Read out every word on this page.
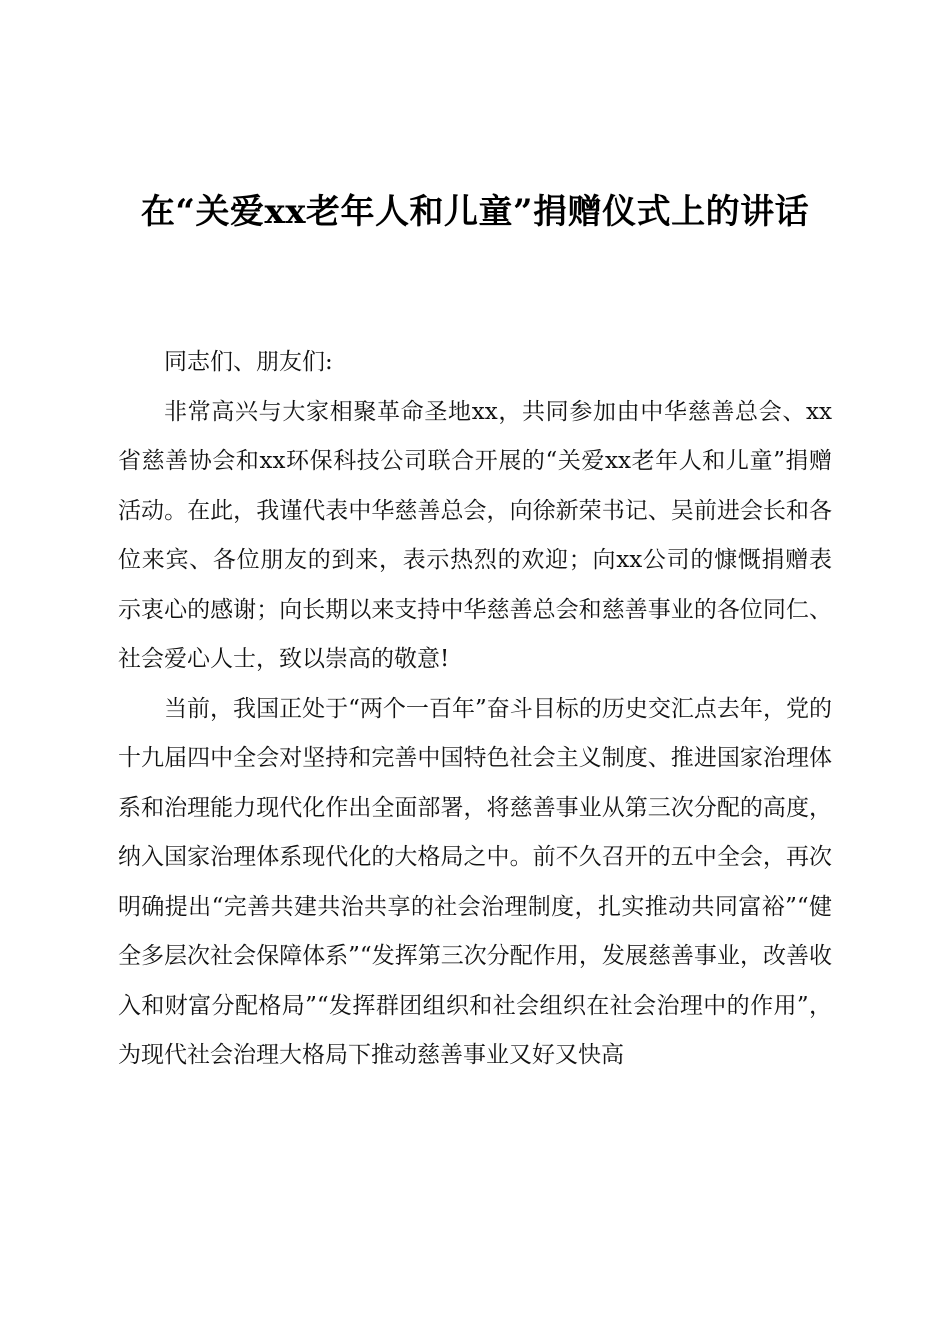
在“关爱xx老年人和儿童”捐赠仪式上的讲话

同志们、朋友们:

非常高兴与大家相聚革命圣地xx，共同参加由中华慈善总会、xx省慈善协会和xx环保科技公司联合开展的“关爱xx老年人和儿童”捐赠活动。在此，我谨代表中华慈善总会，向徐新荣书记、吴前进会长和各位来宾、各位朋友的到来，表示热烈的欢迎；向xx公司的慷慨捐赠表示衷心的感谢；向长期以来支持中华慈善总会和慈善事业的各位同仁、社会爱心人士，致以崇高的敬意!

当前，我国正处于“两个一百年”奋斗目标的历史交汇点去年，党的十九届四中全会对坚持和完善中国特色社会主义制度、推进国家治理体系和治理能力现代化作出全面部署，将慈善事业从第三次分配的高度，纳入国家治理体系现代化的大格局之中。前不久召开的五中全会，再次明确提出“完善共建共治共享的社会治理制度，扎实推动共同富裕”“健全多层次社会保障体系”“发挥第三次分配作用，发展慈善事业，改善收入和财富分配格局”“发挥群团组织和社会组织在社会治理中的作用”，为现代社会治理大格局下推动慈善事业又好又快高
